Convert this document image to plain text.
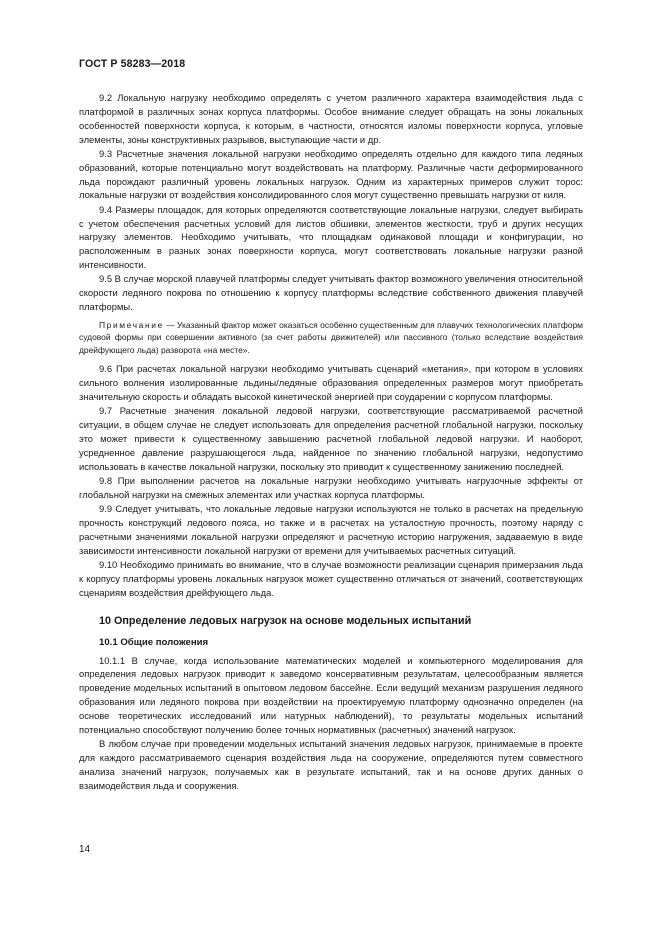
ГОСТ Р 58283—2018

9.2 Локальную нагрузку необходимо определять с учетом различного характера взаимодействия льда с платформой в различных зонах корпуса платформы. Особое внимание следует обращать на зоны локальных особенностей поверхности корпуса, к которым, в частности, относятся изломы поверхности корпуса, угловые элементы, зоны конструктивных разрывов, выступающие части и др.

9.3 Расчетные значения локальной нагрузки необходимо определять отдельно для каждого типа ледяных образований, которые потенциально могут воздействовать на платформу. Различные части деформированного льда порождают различный уровень локальных нагрузок. Одним из характерных примеров служит торос: локальные нагрузки от воздействия консолидированного слоя могут существенно превышать нагрузки от киля.

9.4 Размеры площадок, для которых определяются соответствующие локальные нагрузки, следует выбирать с учетом обеспечения расчетных условий для листов обшивки, элементов жесткости, труб и других несущих нагрузку элементов. Необходимо учитывать, что площадкам одинаковой площади и конфигурации, но расположенным в разных зонах поверхности корпуса, могут соответствовать локальные нагрузки разной интенсивности.

9.5 В случае морской плавучей платформы следует учитывать фактор возможного увеличения относительной скорости ледяного покрова по отношению к корпусу платформы вследствие собственного движения плавучей платформы.

Примечание — Указанный фактор может оказаться особенно существенным для плавучих технологических платформ судовой формы при совершении активного (за счет работы движителей) или пассивного (только вследствие воздействия дрейфующего льда) разворота «на месте».

9.6 При расчетах локальной нагрузки необходимо учитывать сценарий «метания», при котором в условиях сильного волнения изолированные льдины/ледяные образования определенных размеров могут приобретать значительную скорость и обладать высокой кинетической энергией при соударении с корпусом платформы.

9.7 Расчетные значения локальной ледовой нагрузки, соответствующие рассматриваемой расчетной ситуации, в общем случае не следует использовать для определения расчетной глобальной нагрузки, поскольку это может привести к существенному завышению расчетной глобальной ледовой нагрузки. И наоборот, усредненное давление разрушающегося льда, найденное по значению глобальной нагрузки, недопустимо использовать в качестве локальной нагрузки, поскольку это приводит к существенному занижению последней.

9.8 При выполнении расчетов на локальные нагрузки необходимо учитывать нагрузочные эффекты от глобальной нагрузки на смежных элементах или участках корпуса платформы.

9.9 Следует учитывать, что локальные ледовые нагрузки используются не только в расчетах на предельную прочность конструкций ледового пояса, но также и в расчетах на усталостную прочность, поэтому наряду с расчетными значениями локальной нагрузки определяют и расчетную историю нагружения, задаваемую в виде зависимости интенсивности локальной нагрузки от времени для учитываемых расчетных ситуаций.

9.10 Необходимо принимать во внимание, что в случае возможности реализации сценария примерзания льда к корпусу платформы уровень локальных нагрузок может существенно отличаться от значений, соответствующих сценариям воздействия дрейфующего льда.

10 Определение ледовых нагрузок на основе модельных испытаний
10.1 Общие положения

10.1.1 В случае, когда использование математических моделей и компьютерного моделирования для определения ледовых нагрузок приводит к заведомо консервативным результатам, целесообразным является проведение модельных испытаний в опытовом ледовом бассейне. Если ведущий механизм разрушения ледяного образования или ледяного покрова при воздействии на проектируемую платформу однозначно определен (на основе теоретических исследований или натурных наблюдений), то результаты модельных испытаний потенциально способствуют получению более точных нормативных (расчетных) значений нагрузок.

В любом случае при проведении модельных испытаний значения ледовых нагрузок, принимаемые в проекте для каждого рассматриваемого сценария воздействия льда на сооружение, определяются путем совместного анализа значений нагрузок, получаемых как в результате испытаний, так и на основе других данных о взаимодействия льда и сооружения.

14
